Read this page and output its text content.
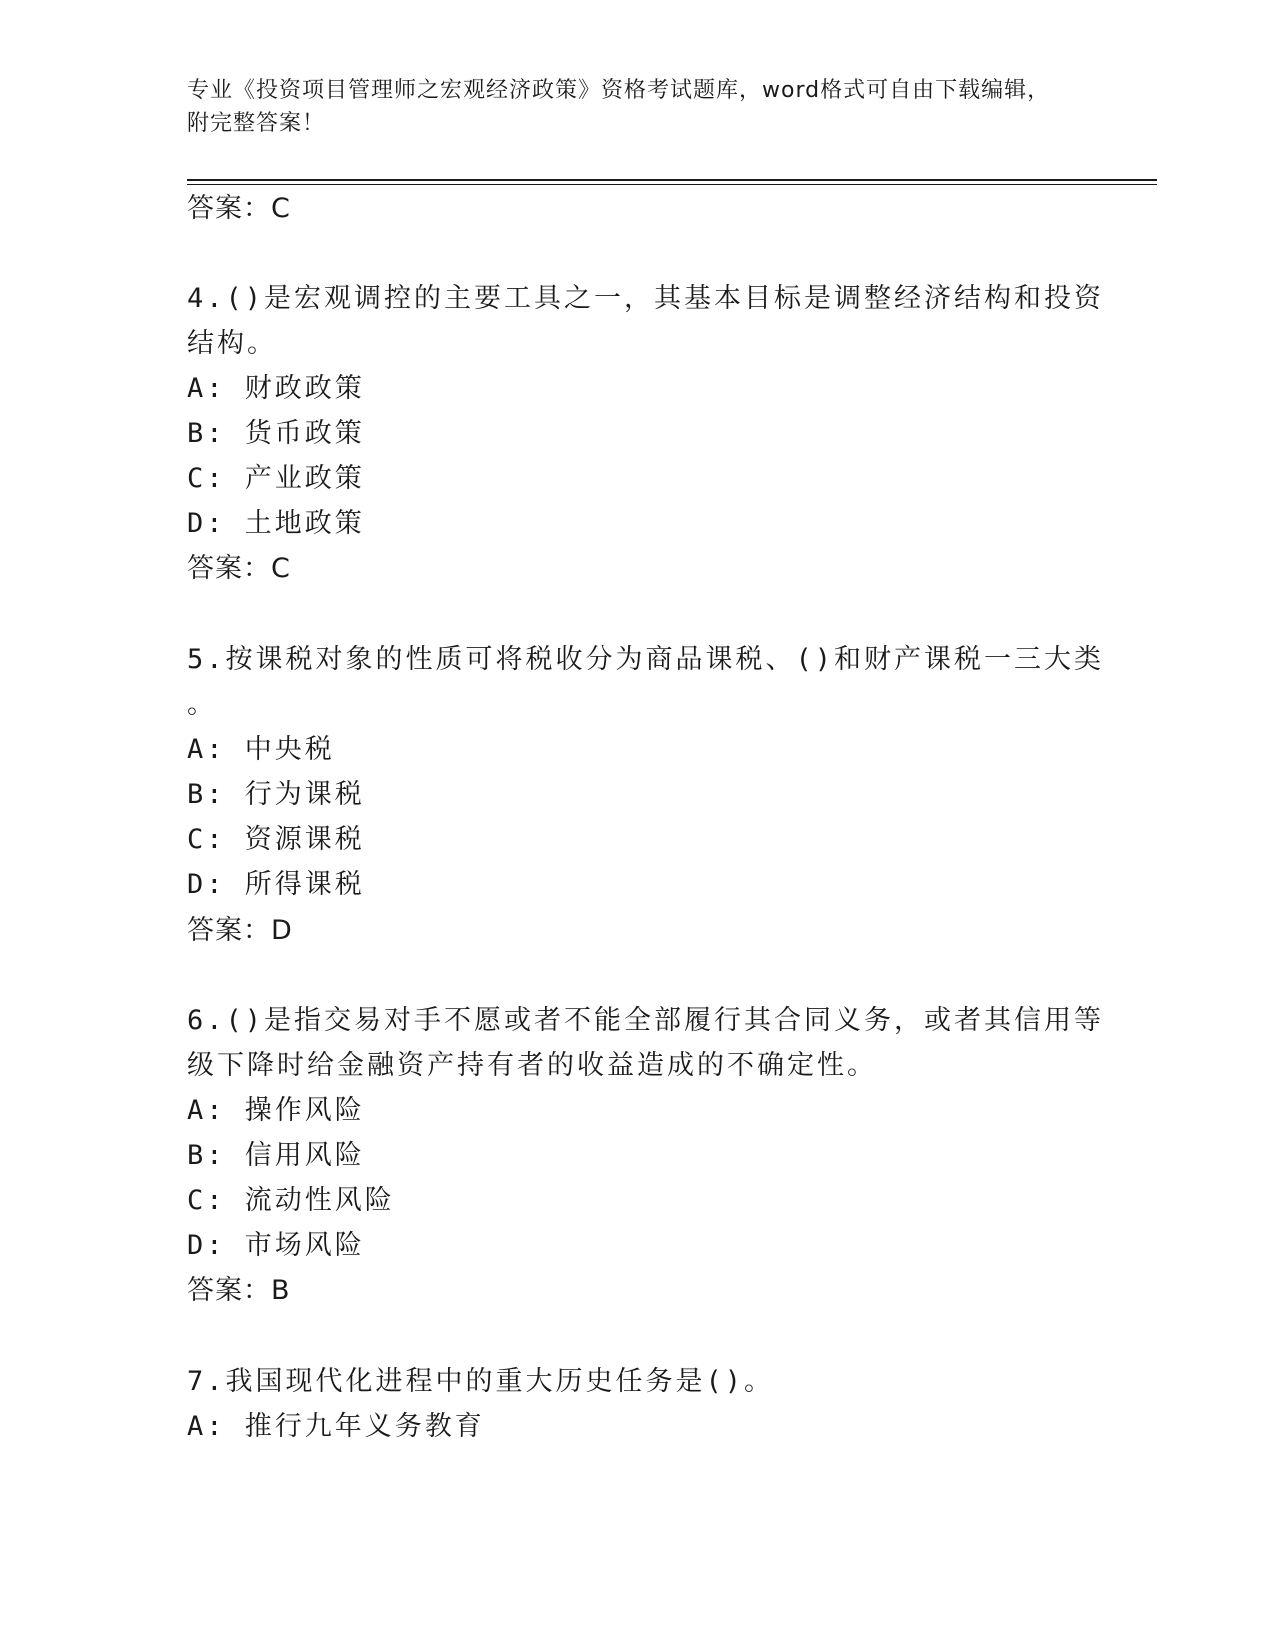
专业《投资项目管理师之宏观经济政策》资格考试题库，word格式可自由下载编辑，附完整答案！
答案：C
4.()是宏观调控的主要工具之一，其基本目标是调整经济结构和投资
结构。
A: 财政政策
B: 货币政策
C: 产业政策
D: 土地政策
答案：C
5.按课税对象的性质可将税收分为商品课税、()和财产课税一三大类
。
A: 中央税
B: 行为课税
C: 资源课税
D: 所得课税
答案：D
6.()是指交易对手不愿或者不能全部履行其合同义务，或者其信用等
级下降时给金融资产持有者的收益造成的不确定性。
A: 操作风险
B: 信用风险
C: 流动性风险
D: 市场风险
答案：B
7.我国现代化进程中的重大历史任务是()。
A: 推行九年义务教育
